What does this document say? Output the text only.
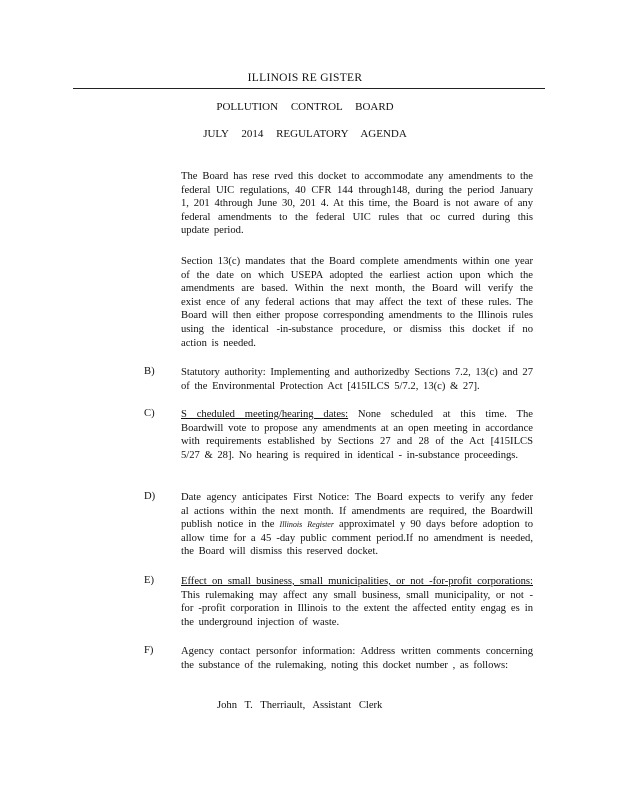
ILLINOIS RE GISTER
POLLUTION CONTROL BOARD
JULY 2014 REGULATORY AGENDA
The Board has rese rved this docket to accommodate any amendments to the federal UIC regulations, 40 CFR 144 through148, during the period January 1, 201 4through June 30, 201 4. At this time, the Board is not aware of any federal amendments to the federal UIC rules that oc curred during this update period.
Section 13(c) mandates that the Board complete amendments within one year of the date on which USEPA adopted the earliest action upon which the amendments are based. Within the next month, the Board will verify the exist ence of any federal actions that may affect the text of these rules. The Board will then either propose corresponding amendments to the Illinois rules using the identical -in-substance procedure, or dismiss this docket if no action is needed.
B) Statutory authority: Implementing and authorizedby Sections 7.2, 13(c) and 27 of the Environmental Protection Act [415ILCS 5/7.2, 13(c) & 27].
C) S cheduled meeting/hearing dates: None scheduled at this time. The Boardwill vote to propose any amendments at an open meeting in accordance with requirements established by Sections 27 and 28 of the Act [415ILCS 5/27 & 28]. No hearing is required in identical - in-substance proceedings.
D) Date agency anticipates First Notice: The Board expects to verify any feder al actions within the next month. If amendments are required, the Boardwill publish notice in the Illinois Register approximatel y 90 days before adoption to allow time for a 45 -day public comment period.If no amendment is needed, the Board will dismiss this reserved docket.
E)	Effect on small business, small municipalities, or not -for-profit corporations: This rulemaking may affect any small business, small municipality, or not -for -profit corporation in Illinois to the extent the affected entity engag es in the underground injection of waste.
F)	Agency contact personfor information: Address written comments concerning the substance of the rulemaking, noting this docket number , as follows:
John T. Therriault, Assistant Clerk
